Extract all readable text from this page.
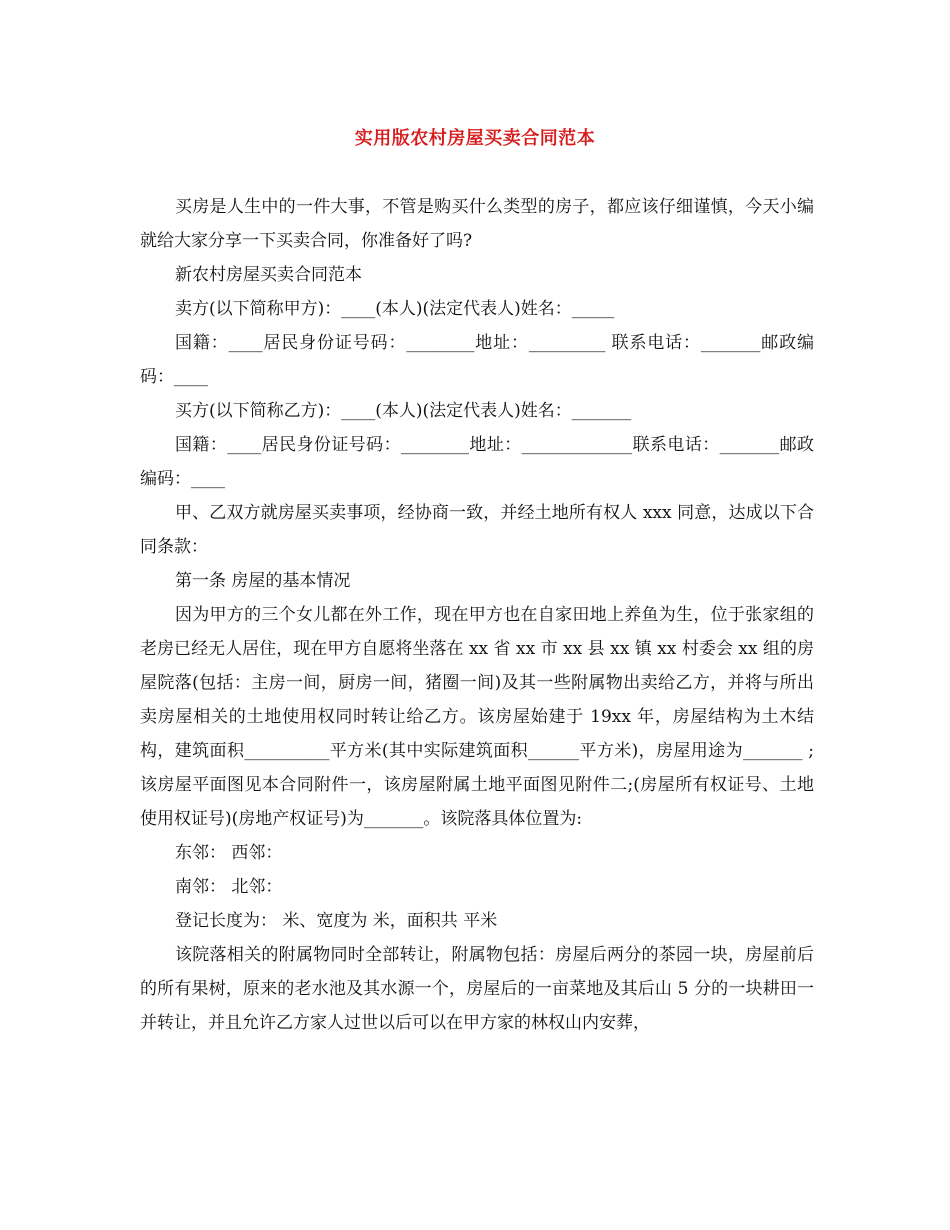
实用版农村房屋买卖合同范本

买房是人生中的一件大事，不管是购买什么类型的房子，都应该仔细谨慎，今天小编就给大家分享一下买卖合同，你准备好了吗?

新农村房屋买卖合同范本

卖方(以下简称甲方)：____(本人)(法定代表人)姓名：_____

国籍：____居民身份证号码：________地址：_________ 联系电话：_______邮政编码：____

买方(以下简称乙方)：____(本人)(法定代表人)姓名：_______

国籍：____居民身份证号码：________地址：_____________联系电话：_______邮政编码：____

甲、乙双方就房屋买卖事项，经协商一致，并经土地所有权人 xxx 同意，达成以下合同条款：

第一条 房屋的基本情况

因为甲方的三个女儿都在外工作，现在甲方也在自家田地上养鱼为生，位于张家组的老房已经无人居住，现在甲方自愿将坐落在 xx 省 xx 市 xx 县 xx 镇 xx 村委会 xx 组的房屋院落(包括：主房一间，厨房一间，猪圈一间)及其一些附属物出卖给乙方，并将与所出卖房屋相关的土地使用权同时转让给乙方。该房屋始建于 19xx 年，房屋结构为土木结构，建筑面积__________平方米(其中实际建筑面积______平方米)，房屋用途为_______ ;该房屋平面图见本合同附件一，该房屋附属土地平面图见附件二;(房屋所有权证号、土地使用权证号)(房地产权证号)为_______。该院落具体位置为:

东邻： 西邻：

南邻： 北邻：

登记长度为： 米、宽度为 米，面积共 平米

该院落相关的附属物同时全部转让，附属物包括：房屋后两分的茶园一块，房屋前后的所有果树，原来的老水池及其水源一个，房屋后的一亩菜地及其后山 5 分的一块耕田一并转让，并且允许乙方家人过世以后可以在甲方家的林权山内安葬，
